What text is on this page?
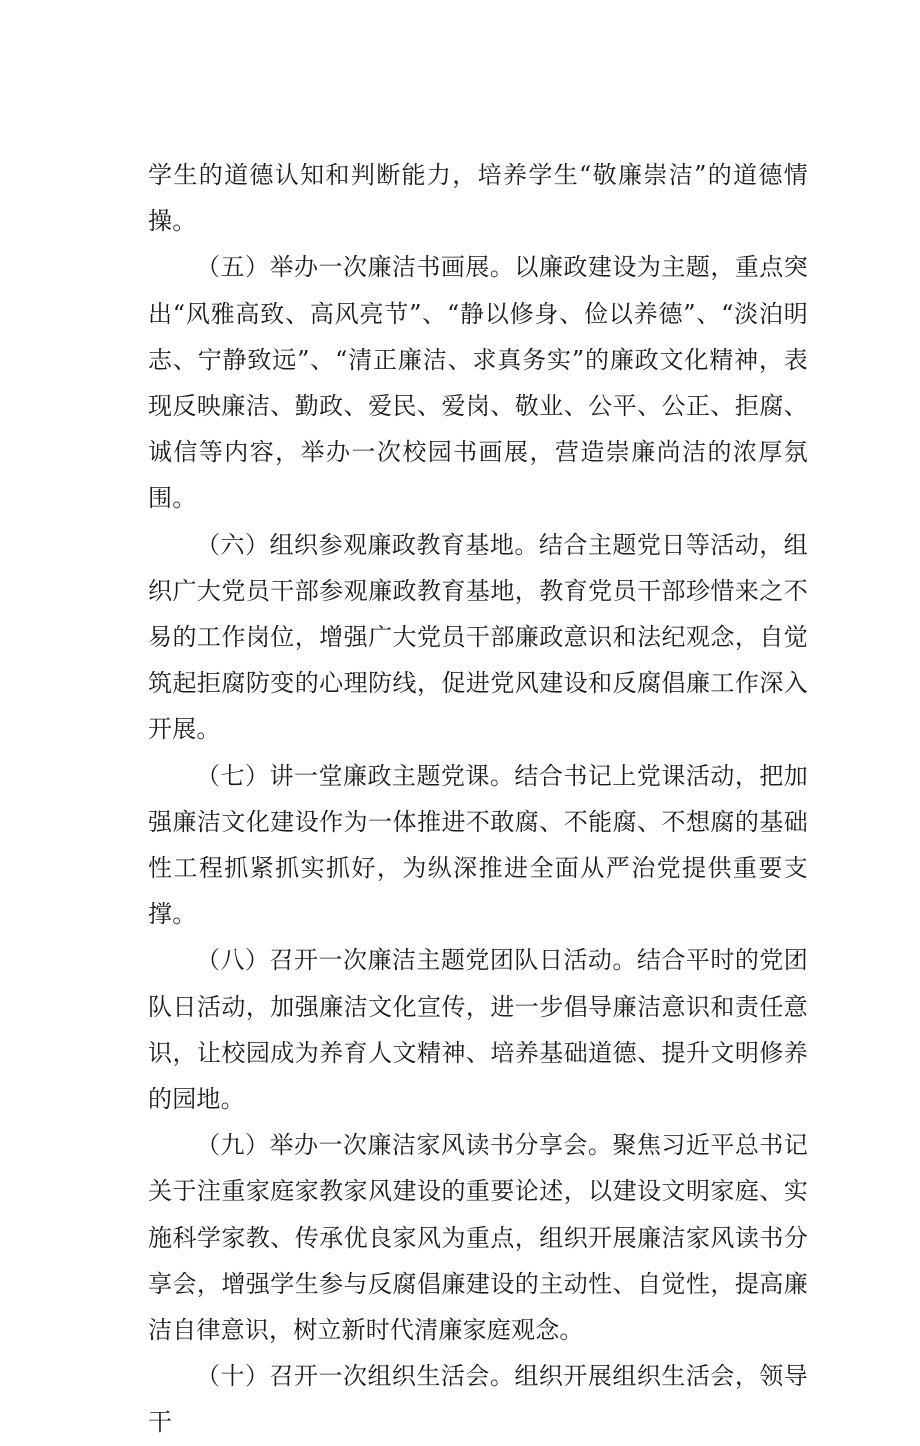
学生的道德认知和判断能力，培养学生“敬廉崇洁”的道德情操。

（五）举办一次廉洁书画展。以廉政建设为主题，重点突出“风雅高致、高风亮节”、“静以修身、俭以养德”、“淡泊明志、宁静致远”、“清正廉洁、求真务实”的廉政文化精神，表现反映廉洁、勤政、爱民、爱岗、敬业、公平、公正、拒腐、诚信等内容，举办一次校园书画展，营造崇廉尚洁的浓厚氛围。

（六）组织参观廉政教育基地。结合主题党日等活动，组织广大党员干部参观廉政教育基地，教育党员干部珍惜来之不易的工作岗位，增强广大党员干部廉政意识和法纪观念，自觉筑起拒腐防变的心理防线，促进党风建设和反腐倡廉工作深入开展。

（七）讲一堂廉政主题党课。结合书记上党课活动，把加强廉洁文化建设作为一体推进不敢腐、不能腐、不想腐的基础性工程抓紧抓实抓好，为纵深推进全面从严治党提供重要支撑。

（八）召开一次廉洁主题党团队日活动。结合平时的党团队日活动，加强廉洁文化宣传，进一步倡导廉洁意识和责任意识，让校园成为养育人文精神、培养基础道德、提升文明修养的园地。

（九）举办一次廉洁家风读书分享会。聚焦习近平总书记关于注重家庭家教家风建设的重要论述，以建设文明家庭、实施科学家教、传承优良家风为重点，组织开展廉洁家风读书分享会，增强学生参与反腐倡廉建设的主动性、自觉性，提高廉洁自律意识，树立新时代清廉家庭观念。

（十）召开一次组织生活会。组织开展组织生活会，领导干
